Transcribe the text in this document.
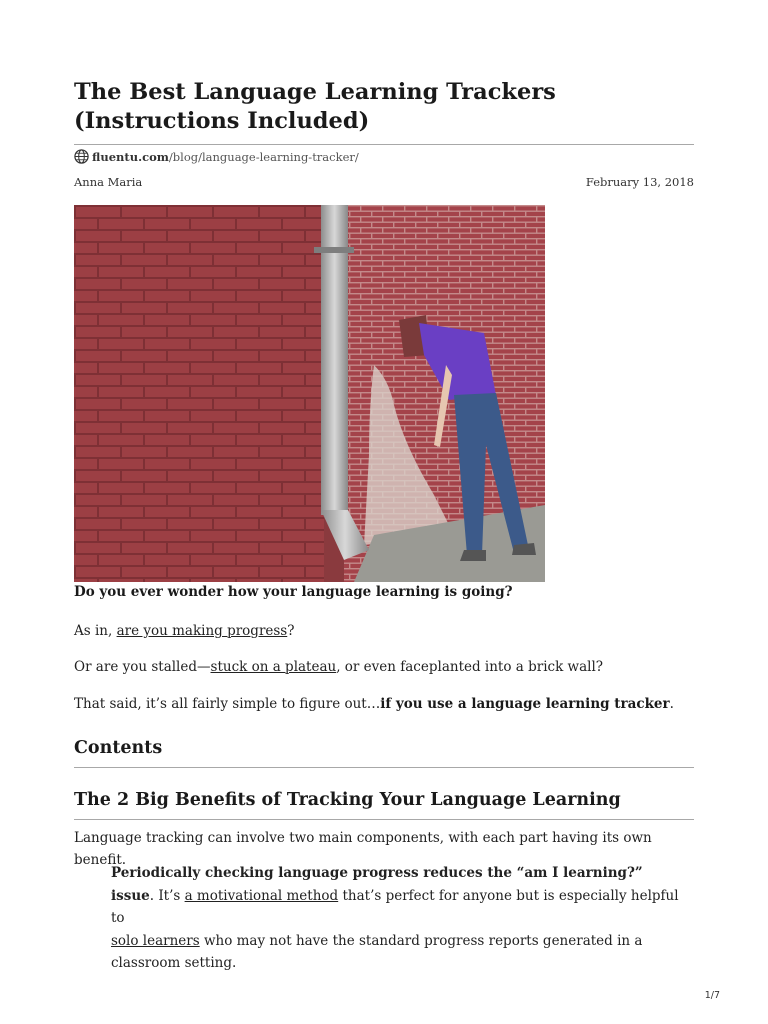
The Best Language Learning Trackers (Instructions Included)
fluentu.com /blog/language-learning-tracker/
Anna Maria	February 13, 2018

Do you ever wonder how your language learning is going?

As in, are you making progress?

Or are you stalled—stuck on a plateau, or even faceplanted into a brick wall?

That said, it’s all fairly simple to figure out…if you use a language learning tracker.

Contents
The 2 Big Benefits of Tracking Your Language Learning

Language tracking can involve two main components, with each part having its own benefit.

Periodically checking language progress reduces the “am I learning?”
issue. It’s a motivational method that’s perfect for anyone but is especially helpful to
solo learners who may not have the standard progress reports generated in a classroom setting.

1/7
